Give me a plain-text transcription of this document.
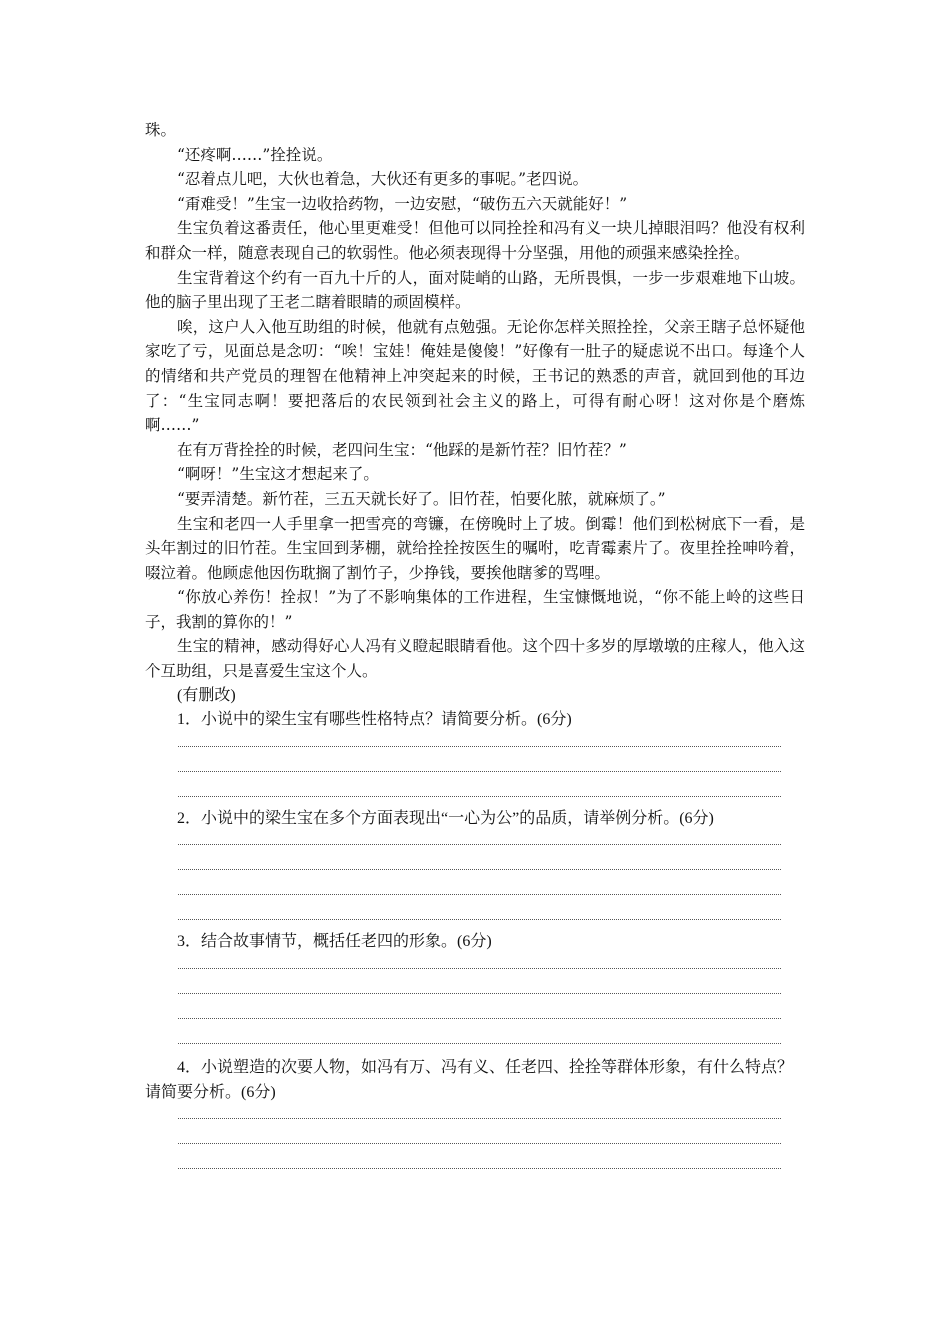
珠。

“还疼啊……”拴拴说。

“忍着点儿吧，大伙也着急，大伙还有更多的事呢。”老四说。

“甭难受！”生宝一边收拾药物，一边安慰，“破伤五六天就能好！”

生宝负着这番责任，他心里更难受！但他可以同拴拴和冯有义一块儿掉眼泪吗？他没有权利和群众一样，随意表现自己的软弱性。他必须表现得十分坚强，用他的顽强来感染拴拴。

生宝背着这个约有一百九十斤的人，面对陡峭的山路，无所畏惧，一步一步艰难地下山坡。他的脑子里出现了王老二瞎着眼睛的顽固模样。

唉，这户人入他互助组的时候，他就有点勉强。无论你怎样关照拴拴，父亲王瞎子总怀疑他家吃了亏，见面总是念叨：“唉！宝娃！俺娃是傻傻！”好像有一肚子的疑虑说不出口。每逢个人的情绪和共产党员的理智在他精神上冲突起来的时候，王书记的熟悉的声音，就回到他的耳边了：“生宝同志啊！要把落后的农民领到社会主义的路上，可得有耐心呀！这对你是个磨炼啊……”

在有万背拴拴的时候，老四问生宝：“他踩的是新竹茬？旧竹茬？”

“啊呀！”生宝这才想起来了。

“要弄清楚。新竹茬，三五天就长好了。旧竹茬，怕要化脓，就麻烦了。”

生宝和老四一人手里拿一把雪亮的弯镰，在傍晚时上了坡。倒霉！他们到松树底下一看，是头年割过的旧竹茬。生宝回到茅棚，就给拴拴按医生的嘱咐，吃青霉素片了。夜里拴拴呻吟着，啜泣着。他顾虑他因伤耽搁了割竹子，少挣钱，要挨他瞎爹的骂哩。

“你放心养伤！拴叔！”为了不影响集体的工作进程，生宝慷慨地说，“你不能上岭的这些日子，我割的算你的！”

生宝的精神，感动得好心人冯有义瞪起眼睛看他。这个四十多岁的厚墩墩的庄稼人，他入这个互助组，只是喜爱生宝这个人。

(有删改)

1．小说中的梁生宝有哪些性格特点？请简要分析。(6分)

2．小说中的梁生宝在多个方面表现出“一心为公”的品质，请举例分析。(6分)

3．结合故事情节，概括任老四的形象。(6分)

4．小说塑造的次要人物，如冯有万、冯有义、任老四、拴拴等群体形象，有什么特点？请简要分析。(6分)
